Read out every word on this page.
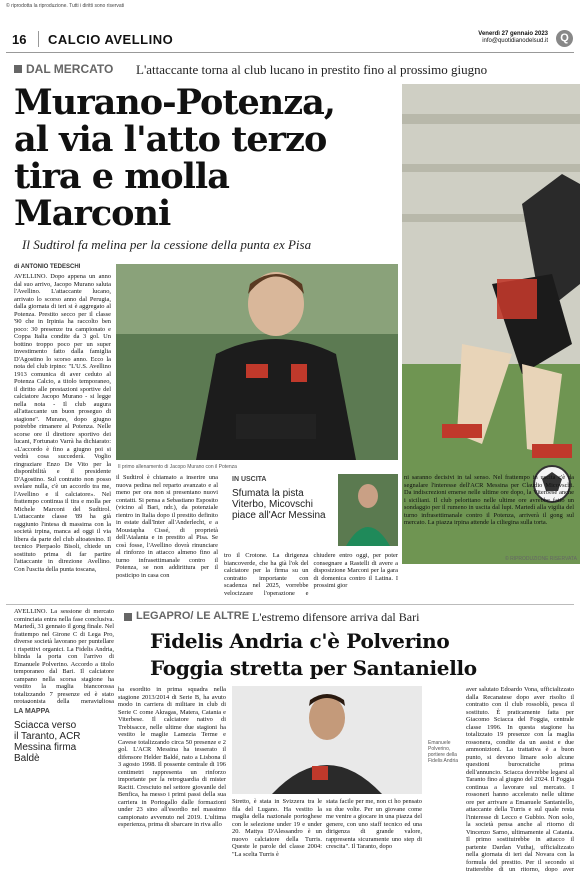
© riprodotta la riproduzione. Tutti i diritti sono riservati
16 CALCIO AVELLINO	Venerdì 27 gennaio 2023
info@quotidianodelsud.it	Q
DAL MERCATO L'attaccante torna al club lucano in prestito fino al prossimo giugno
Murano-Potenza,
al via l'atto terzo
tira e molla Marconi
Il Sudtirol fa melina per la cessione della punta ex Pisa
di ANTONIO TEDESCHI
AVELLINO. Dopo appena un anno dal suo arrivo, Jacopo Murano saluta l'Avellino. L'attaccante lucano, arrivato lo scorso anno dal Perugia, dalla giornata di ieri si è aggregato al Potenza. Prestito secco per il classe '90 che in Irpinia ha raccolto ben poco: 30 presenze tra campionato e Coppa Italia condite da 3 gol. Un bottino troppo poco per un super investimento fatto dalla famiglia D'Agostino lo scorso anno. Ecco la nota del club irpino: "L'U.S. Avellino 1913 comunica di aver ceduto al Potenza Calcio, a titolo temporaneo, il diritto alle prestazioni sportive del calciatore Jacopo Murano - si legge nella nota - Il club augura all'attaccante un buon proseguo di stagione". Murano, dopo giugno potrebbe rimanere al Potenza. Nelle scorse ore il direttore sportivo dei lucani, Fortunato Varrà ha dichiarato: «L'accordo è fino a giugno poi si vedrà cosa succederà. Voglio ringraziare Enzo De Vito per la disponibilità e il presidente D'Agostino. Sul contratto non posso svelare nulla, c'è un accordo tra me, l'Avellino e il calciatore». Nel frattempo continua il tira e molla per Michele Marconi del Sudtirol. L'attaccante classe '89 ha già raggiunto l'intesa di massima con la società irpina, manca ad oggi il via libera da parte del club altoatesino. Il tecnico Pierpaolo Bisoli, chiede un sostituto prima di far partire l'attaccante in direzione Avellino. Con l'uscita della punta toscana,
Il primo allenamento di Jacopo Murano con il Potenza
il Sudtirol è chiamato a inserire una nuova pedina nel reparto avanzato e al meno per ora non si presentano nuovi contatti. Si pensa a Sebastiano Esposito (vicino al Bari, ndr.), da potenziale rientro in Italia dopo il prestito definito in estate dall'Inter all'Anderlecht, e a Moustapha Cissé, di proprietà dell'Atalanta e in prestito al Pisa. Se così fosse, l'Avellino dovrà rinunciare al rinforzo in attacco almeno fino al turno infrasettimanale contro il Potenza, se non addirittura per il posticipo in casa con
IN USCITA
Sfumata la pista Viterbo, Micovschi piace all'Acr Messina
tro il Crotone. La dirigenza biancoverde, che ha già l'ok del calciatore per la firma su un contratto importante con scadenza nel 2025, vorrebbe velocizzare l'operazione e chiudere entro oggi, per poter consegnare a Rastelli di avere a disposizione Marconi per la gara di domenica contro il Latina. I prossimi gior
ni saranno decisivi in tal senso. Nel frattempo in uscita c'è da segnalare l'interesse dell'ACR Messina per Claudio Micovschi. Da indiscrezioni emerse nelle ultime ore dopo, la Viterbese anche i siciliani. Il club peloritano nelle ultime ore avrebbe fatto un sondaggio per il rumeno in uscita dal lupi. Martedì alla vigilia del turno infrasettimanale contro il Potenza, arriverà il gong sul mercato. La piazza irpina attende la ciliegina sulla torta.
© RIPRODUZIONE RISERVATA
AVELLINO. La sessione di mercato cominciata entra nella fase conclusiva. Martedì, 31 gennaio il gong finale. Nel frattempo nel Girone C di Lega Pro, diverse società lavorano per puntellare i rispettivi organici. La Fidelis Andria, blinda la porta con l'arrivo di Emanuele Polverino. Accordo a titolo temporaneo dal Bari. Il calciatore campano nella scorsa stagione ha vestito la maglia biancorossa totalizzando 7 presenze ed è stato protagonista della meravigliosa
LEGAPRO/ LE ALTRE L'estremo difensore arriva dal Bari
Fidelis Andria c'è Polverino
Foggia stretta per Santaniello
LA MAPPA
Sciacca verso il Taranto, ACR Messina firma Baldè
ha esordito in prima squadra nella stagione 2013/2014 di Serie B, ha avuto modo in carriera di militare in club di Serie C come Akragas, Matera, Catania e Viterbese. Il calciatore nativo di Trebisacce, nelle ultime due stagioni ha vestito le maglie Lamezia Terme e Cavese totalizzando circa 50 presenze e 2 gol. L'ACR Messina ha tesserato il difensore Helder Baldé, nato a Lisbona il 3 agosto 1998. Il possente centrale di 196 centimetri rappresenta un rinforzo importante per la retroguardia di mister Raciti. Cresciuto nel settore giovanile del Benfica, ha messo i primi passi della sua carriera in Portogallo dalle formazioni under 23 sino all'esordio nel massimo campionato avvenuto nel 2019. L'ultima esperienza, prima di sbarcare in riva allo
Emanuele Polverino, portiere della Fidelis Andria
Stretto, è stata in Svizzera tra le fila del Lugano. Ha vestito la maglia della nazionale portoghese con le selezione under 19 e under 20. Mattya D'Alessandro è un nuovo calciatore della Turris. Queste le parole del classe 2004: "La scelta Turris è
stata facile per me, non ci ho pensato su due volte. Per un giovane come me venire a giocare in una piazza del genere, con uno staff tecnico ed una dirigenza di grande valore, rappresenta sicuramente uno step di crescita". Il Taranto, dopo
aver salutato Edoardo Vona, ufficializzato dalla Recanatese dopo aver risolto il contratto con il club rossoblù, pesca il sostituto. È praticamente fatta per Giacomo Sciacca del Foggia, centrale classe 1996. In questa stagione ha totalizzato 19 presenze con la maglia rossonera, condite da un assist e due ammonizioni. La trattativa è a buon punto, si devono limare solo alcune questioni burocratiche prima dell'annuncio. Sciacca dovrebbe legarsi al Taranto fino al giugno del 2024. Il Foggia continua a lavorare sul mercato. I rossoneri hanno accelerato nelle ultime ore per arrivare a Emanuele Santaniello, attaccante della Turris e sul quale resta l'interesse di Lecco e Gubbio. Non solo, la società pensa anche al ritorno di Vincenzo Sarno, ultimamente al Catania. Il primo sostituirebbe in attacco il partente Dardan Vuthaj, ufficializzato nella giornata di ieri dal Novara con la formula del prestito. Per il secondo si tratterebbe di un ritorno, dopo aver
